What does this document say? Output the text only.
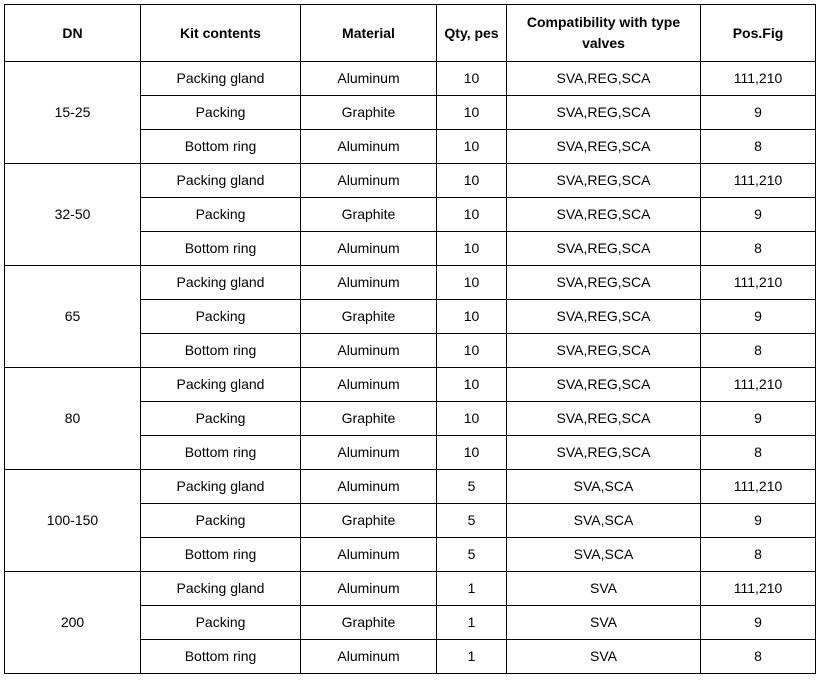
DN	Kit contents	Material	Qty, pes	Compatibility with type valves	Pos.Fig
15-25	Packing gland	Aluminum	10	SVA,REG,SCA	111,210
	Packing	Graphite	10	SVA,REG,SCA	9
	Bottom ring	Aluminum	10	SVA,REG,SCA	8
32-50	Packing gland	Aluminum	10	SVA,REG,SCA	111,210
	Packing	Graphite	10	SVA,REG,SCA	9
	Bottom ring	Aluminum	10	SVA,REG,SCA	8
65	Packing gland	Aluminum	10	SVA,REG,SCA	111,210
	Packing	Graphite	10	SVA,REG,SCA	9
	Bottom ring	Aluminum	10	SVA,REG,SCA	8
80	Packing gland	Aluminum	10	SVA,REG,SCA	111,210
	Packing	Graphite	10	SVA,REG,SCA	9
	Bottom ring	Aluminum	10	SVA,REG,SCA	8
100-150	Packing gland	Aluminum	5	SVA,SCA	111,210
	Packing	Graphite	5	SVA,SCA	9
	Bottom ring	Aluminum	5	SVA,SCA	8
200	Packing gland	Aluminum	1	SVA	111,210
	Packing	Graphite	1	SVA	9
	Bottom ring	Aluminum	1	SVA	8
